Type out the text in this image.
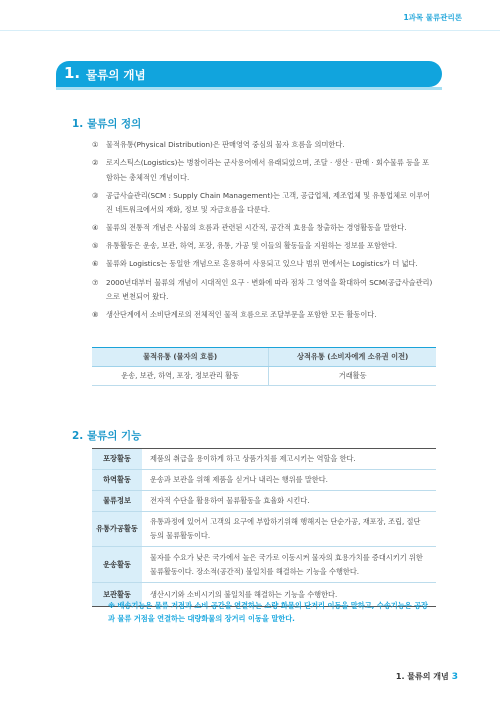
1과목 물류관리론
1. 물류의 개념
1. 물류의 정의
①	물적유통(Physical Distribution)은 판매영역 중심의 물자 흐름을 의미한다.
②	로지스틱스(Logistics)는 병참이라는 군사용어에서 유래되었으며, 조달 · 생산 · 판매 · 회수물류 등을 포함하는 총체적인 개념이다.
③	공급사슬관리(SCM : Supply Chain Management)는 고객, 공급업체, 제조업체 및 유통업체로 이루어진 네트워크에서의 재화, 정보 및 자금흐름을 다룬다.
④	물류의 전통적 개념은 사물의 흐름과 관련된 시간적, 공간적 효용을 창출하는 경영활동을 말한다.
⑤	유통활동은 운송, 보관, 하역, 포장, 유통, 가공 및 이들의 활동들을 지원하는 정보를 포함한다.
⑥	물류와 Logistics는 동일한 개념으로 혼용하여 사용되고 있으나 범위 면에서는 Logistics가 더 넓다.
⑦	2000년대부터 물류의 개념이 시대적인 요구 · 변화에 따라 점차 그 영역을 확대하여 SCM(공급사슬관리)으로 변천되어 왔다.
⑧	생산단계에서 소비단계로의 전체적인 물적 흐름으로 조달부문을 포함한 모든 활동이다.
물적유통 (물자의 흐름)	상적유통 (소비자에게 소유권 이전)
운송, 보관, 하역, 포장, 정보관리 활동	거래활동
2. 물류의 기능
포장활동	제품의 취급을 용이하게 하고 상품가치를 제고시키는 역할을 한다.
하역활동	운송과 보관을 위해 제품을 싣거나 내리는 행위를 말한다.
물류정보	전자적 수단을 활용하여 물류활동을 효율화 시킨다.
유통가공활동	유통과정에 있어서 고객의 요구에 부합하기위해 행해지는 단순가공, 재포장, 조립, 절단 등의 물류활동이다.
운송활동	물자를 수요가 낮은 국가에서 높은 국가로 이동시켜 물자의 효용가치를 증대시키기 위한 물류활동이다. 장소적(공간적) 불일치를 해결하는 기능을 수행한다.
보관활동	생산시기와 소비시기의 불일치를 해결하는 기능을 수행한다.
※ 배송기능은 물류 거점과 소비 공간을 연결하는 소량 화물의 단거리 이동을 말하고, 수송기능은 공장과 물류 거점을 연결하는 대량화물의 장거리 이동을 말한다.
1. 물류의 개념 3
